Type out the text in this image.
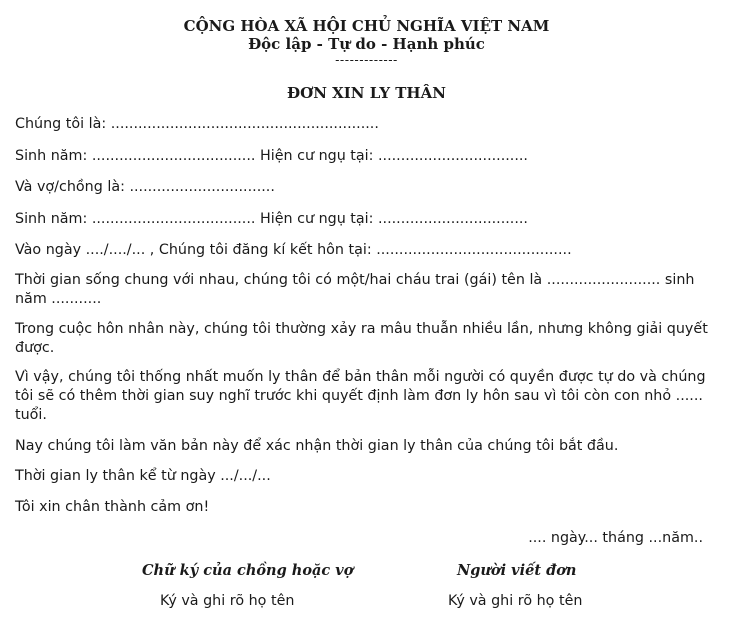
CỘNG HÒA XÃ HỘI CHỦ NGHĨA VIỆT NAM
Độc lập - Tự do - Hạnh phúc
-------------
ĐƠN XIN LY THÂN
Chúng tôi là: ...........................................................
Sinh năm: .................................... Hiện cư ngụ tại: .................................
Và vợ/chồng là: ................................
Sinh năm: .................................... Hiện cư ngụ tại: .................................
Vào ngày ..../..../... , Chúng tôi đăng kí kết hôn tại: ...........................................
Thời gian sống chung với nhau, chúng tôi có một/hai cháu trai (gái) tên là ......................... sinh năm ...........
Trong cuộc hôn nhân này, chúng tôi thường xảy ra mâu thuẫn nhiều lần, nhưng không giải quyết được.
Vì vậy, chúng tôi thống nhất muốn ly thân để bản thân mỗi người có quyền được tự do và chúng tôi sẽ có thêm thời gian suy nghĩ trước khi quyết định làm đơn ly hôn sau vì tôi còn con nhỏ ...... tuổi.
Nay chúng tôi làm văn bản này để xác nhận thời gian ly thân của chúng tôi bắt đầu.
Thời gian ly thân kể từ ngày .../.../...
Tôi xin chân thành cảm ơn!
.... ngày... tháng ...năm..
Chữ ký của chồng hoặc vợ	Người viết đơn
Ký và ghi rõ họ tên	Ký và ghi rõ họ tên
